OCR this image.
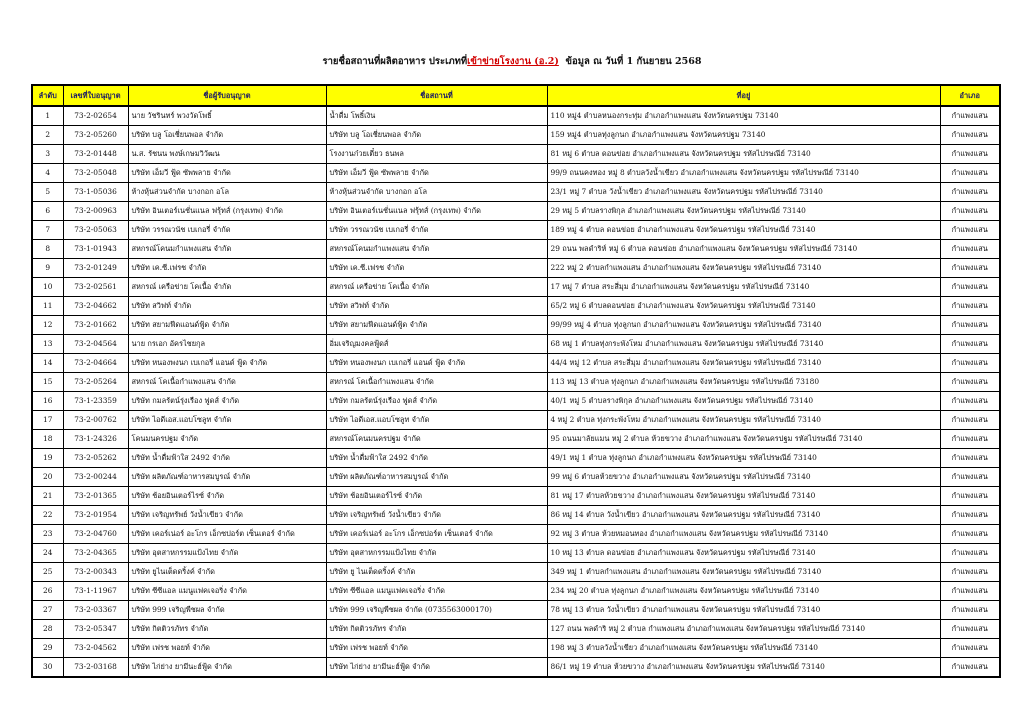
รายชื่อสถานที่ผลิตอาหาร ประเภทที่เข้าข่ายโรงงาน (อ.2)  ข้อมูล ณ วันที่ 1 กันยายน 2568
ลำดับ	เลขที่ใบอนุญาต	ชื่อผู้รับอนุญาต	ชื่อสถานที่	ที่อยู่	อำเภอ
1	73-2-02654	นาย วัชรินทร์ พวงวัดโพธิ์	น้ำดื่ม โพธิ์เงิน	110 หมู่4 ตำบลหนองกระทุ่ม อำเภอกำแพงแสน จังหวัดนครปฐม 73140	กำแพงแสน
2	73-2-05260	บริษัท บลู โอเชี่ยนพอล จำกัด	บริษัท บลู โอเชี่ยนพอล จำกัด	159 หมู่4 ตำบลทุ่งลูกนก อำเภอกำแพงแสน จังหวัดนครปฐม 73140	กำแพงแสน
3	73-2-01448	น.ส. รัชนน พงษ์เกษมวิวัฒน	โรงงานก๋วยเตี๋ยว ธนพล	81 หมู่ 6 ตำบล ดอนข่อย อำเภอกำแพงแสน จังหวัดนครปฐม รหัสไปรษณีย์ 73140	กำแพงแสน
4	73-2-05048	บริษัท เอ็มวี ฟู้ด ซัพพลาย จำกัด	บริษัท เอ็มวี ฟู้ด ซัพพลาย จำกัด	99/9 ถนนคงทอง หมู่ 8 ตำบลวังน้ำเขียว อำเภอกำแพงแสน จังหวัดนครปฐม รหัสไปรษณีย์ 73140	กำแพงแสน
5	73-1-05036	ห้างหุ้นส่วนจำกัด บางกอก อโล	ห้างหุ้นส่วนจำกัด บางกอก อโล	23/1 หมู่ 7 ตำบล วังน้ำเขียว อำเภอกำแพงแสน จังหวัดนครปฐม รหัสไปรษณีย์ 73140	กำแพงแสน
6	73-2-00963	บริษัท อินเตอร์เนชั่นแนล ฟรุ้ทส์ (กรุงเทพ) จำกัด	บริษัท อินเตอร์เนชั่นแนล ฟรุ้ทส์ (กรุงเทพ) จำกัด	29 หมู่ 5 ตำบลรางพิกุล อำเภอกำแพงแสน จังหวัดนครปฐม รหัสไปรษณีย์ 73140	กำแพงแสน
7	73-2-05063	บริษัท วรรณวนัช เบเกอรี่ จำกัด	บริษัท วรรณวนัช เบเกอรี่ จำกัด	189 หมู่ 4 ตำบล ดอนข่อย อำเภอกำแพงแสน จังหวัดนครปฐม รหัสไปรษณีย์ 73140	กำแพงแสน
8	73-1-01943	สหกรณ์โคนมกำแพงแสน จำกัด	สหกรณ์โคนมกำแพงแสน จำกัด	29 ถนน พลดำริห์ หมู่ 6 ตำบล ดอนข่อย อำเภอกำแพงแสน จังหวัดนครปฐม รหัสไปรษณีย์ 73140	กำแพงแสน
9	73-2-01249	บริษัท เค.ซี.เฟรช จำกัด	บริษัท เค.ซี.เฟรช จำกัด	222 หมู่ 2 ตำบลกำแพงแสน อำเภอกำแพงแสน จังหวัดนครปฐม รหัสไปรษณีย์ 73140	กำแพงแสน
10	73-2-02561	สหกรณ์ เครือข่าย โคเนื้อ จำกัด	สหกรณ์ เครือข่าย โคเนื้อ จำกัด	17 หมู่ 7 ตำบล สระสี่มุม อำเภอกำแพงแสน จังหวัดนครปฐม รหัสไปรษณีย์ 73140	กำแพงแสน
11	73-2-04662	บริษัท สวิฟท์ จำกัด	บริษัท สวิฟท์ จำกัด	65/2 หมู่ 6 ตำบลดอนข่อย อำเภอกำแพงแสน จังหวัดนครปฐม รหัสไปรษณีย์ 73140	กำแพงแสน
12	73-2-01662	บริษัท สยามฟีดแอนด์ฟู้ด จำกัด	บริษัท สยามฟีดแอนด์ฟู้ด จำกัด	99/99 หมู่ 4 ตำบล ทุ่งลูกนก อำเภอกำแพงแสน จังหวัดนครปฐม รหัสไปรษณีย์ 73140	กำแพงแสน
13	73-2-04564	นาย กรเอก อัครไชยกุล	อิ่มเจริญมงคลฟู้ดส์	68 หมู่ 1 ตำบลทุ่งกระพังโหม อำเภอกำแพงแสน จังหวัดนครปฐม รหัสไปรษณีย์ 73140	กำแพงแสน
14	73-2-04664	บริษัท หนองพงนก เบเกอรี่ แอนด์ ฟู้ด จำกัด	บริษัท หนองพงนก เบเกอรี่ แอนด์ ฟู้ด จำกัด	44/4 หมู่ 12 ตำบล สระสี่มุม อำเภอกำแพงแสน จังหวัดนครปฐม รหัสไปรษณีย์ 73140	กำแพงแสน
15	73-2-05264	สหกรณ์ โคเนื้อกำแพงแสน จำกัด	สหกรณ์ โคเนื้อกำแพงแสน จำกัด	113 หมู่ 13 ตำบล ทุ่งลูกนก อำเภอกำแพงแสน จังหวัดนครปฐม รหัสไปรษณีย์ 73180	กำแพงแสน
16	73-1-23359	บริษัท กมลรัตน์รุ่งเรือง ฟูดส์ จำกัด	บริษัท กมลรัตน์รุ่งเรือง ฟูดส์ จำกัด	40/1 หมู่ 5 ตำบลรางพิกุล อำเภอกำแพงแสน จังหวัดนครปฐม รหัสไปรษณีย์ 73140	กำแพงแสน
17	73-2-00762	บริษัท ไอดีเอส.แอบโซลูท จำกัด	บริษัท ไอดีเอส.แอบโซลูท จำกัด	4 หมู่ 2 ตำบล ทุ่งกระพังโหม อำเภอกำแพงแสน จังหวัดนครปฐม รหัสไปรษณีย์ 73140	กำแพงแสน
18	73-1-24326	โคนมนครปฐม จำกัด	สหกรณ์โคนมนครปฐม จำกัด	95 ถนนมาลัยแมน หมู่ 2 ตำบล ห้วยขวาง อำเภอกำแพงแสน จังหวัดนครปฐม รหัสไปรษณีย์ 73140	กำแพงแสน
19	73-2-05262	บริษัท น้ำดื่มฟ้าใส 2492 จำกัด	บริษัท น้ำดื่มฟ้าใส 2492 จำกัด	49/1 หมู่ 1 ตำบล ทุ่งลูกนก อำเภอกำแพงแสน จังหวัดนครปฐม รหัสไปรษณีย์ 73140	กำแพงแสน
20	73-2-00244	บริษัท ผลิตภัณฑ์อาหารสมบูรณ์ จำกัด	บริษัท ผลิตภัณฑ์อาหารสมบูรณ์ จำกัด	99 หมู่ 6 ตำบลห้วยขวาง อำเภอกำแพงแสน จังหวัดนครปฐม รหัสไปรษณีย์ 73140	กำแพงแสน
21	73-2-01365	บริษัท ช้อยอินเตอร์ไรซ์ จำกัด	บริษัท ช้อยอินเตอร์ไรซ์ จำกัด	81 หมู่ 17 ตำบลห้วยขวาง อำเภอกำแพงแสน จังหวัดนครปฐม รหัสไปรษณีย์ 73140	กำแพงแสน
22	73-2-01954	บริษัท เจริญทรัพย์ วังน้ำเขียว จำกัด	บริษัท เจริญทรัพย์ วังน้ำเขียว จำกัด	86 หมู่ 14 ตำบล วังน้ำเขียว อำเภอกำแพงแสน จังหวัดนครปฐม รหัสไปรษณีย์ 73140	กำแพงแสน
23	73-2-04760	บริษัท เคอร์เน่อร์ อะโกร เอ็กซปอร์ต เซ็นเตอร์ จำกัด	บริษัท เคอร์เน่อร์ อะโกร เอ็กซปอร์ต เซ็นเตอร์ จำกัด	92 หมู่ 3 ตำบล ห้วยหมอนทอง อำเภอกำแพงแสน จังหวัดนครปฐม รหัสไปรษณีย์ 73140	กำแพงแสน
24	73-2-04365	บริษัท อุตสาหกรรมแป้งไทย จำกัด	บริษัท อุตสาหกรรมแป้งไทย จำกัด	10 หมู่ 13 ตำบล ดอนข่อย อำเภอกำแพงแสน จังหวัดนครปฐม รหัสไปรษณีย์ 73140	กำแพงแสน
25	73-2-00343	บริษัท ยูไนเต็ดดริ้งค์ จำกัด	บริษัท ยู ไนเต็ดดริ้งค์ จำกัด	349 หมู่ 1 ตำบลกำแพงแสน อำเภอกำแพงแสน จังหวัดนครปฐม รหัสไปรษณีย์ 73140	กำแพงแสน
26	73-1-11967	บริษัท ซีซีแอล แมนูแฟคเจอริ่ง จำกัด	บริษัท ซีซีแอล แมนูแฟคเจอริ่ง จำกัด	234 หมู่ 20 ตำบล ทุ่งลูกนก อำเภอกำแพงแสน จังหวัดนครปฐม รหัสไปรษณีย์ 73140	กำแพงแสน
27	73-2-03367	บริษัท 999 เจริญพืชผล จำกัด	บริษัท 999 เจริญพืชผล จำกัด (0735563000170)	78 หมู่ 13 ตำบล วังน้ำเขียว อำเภอกำแพงแสน จังหวัดนครปฐม รหัสไปรษณีย์ 73140	กำแพงแสน
28	73-2-05347	บริษัท กิตติวรภัทร จำกัด	บริษัท กิตติวรภัทร จำกัด	127 ถนน พลดำริ หมู่ 2 ตำบล กำแพงแสน อำเภอกำแพงแสน จังหวัดนครปฐม รหัสไปรษณีย์ 73140	กำแพงแสน
29	73-2-04562	บริษัท เฟรช พอยท์ จำกัด	บริษัท เฟรช พอยท์ จำกัด	198 หมู่ 3 ตำบลวังน้ำเขียว อำเภอกำแพงแสน จังหวัดนครปฐม รหัสไปรษณีย์ 73140	กำแพงแสน
30	73-2-03168	บริษัท ไก่ย่าง ยามีนะฮ์ฟู้ด จำกัด	บริษัท ไก่ย่าง ยามีนะฮ์ฟู้ด จำกัด	86/1 หมู่ 19 ตำบล ห้วยขวาง อำเภอกำแพงแสน จังหวัดนครปฐม รหัสไปรษณีย์ 73140	กำแพงแสน
